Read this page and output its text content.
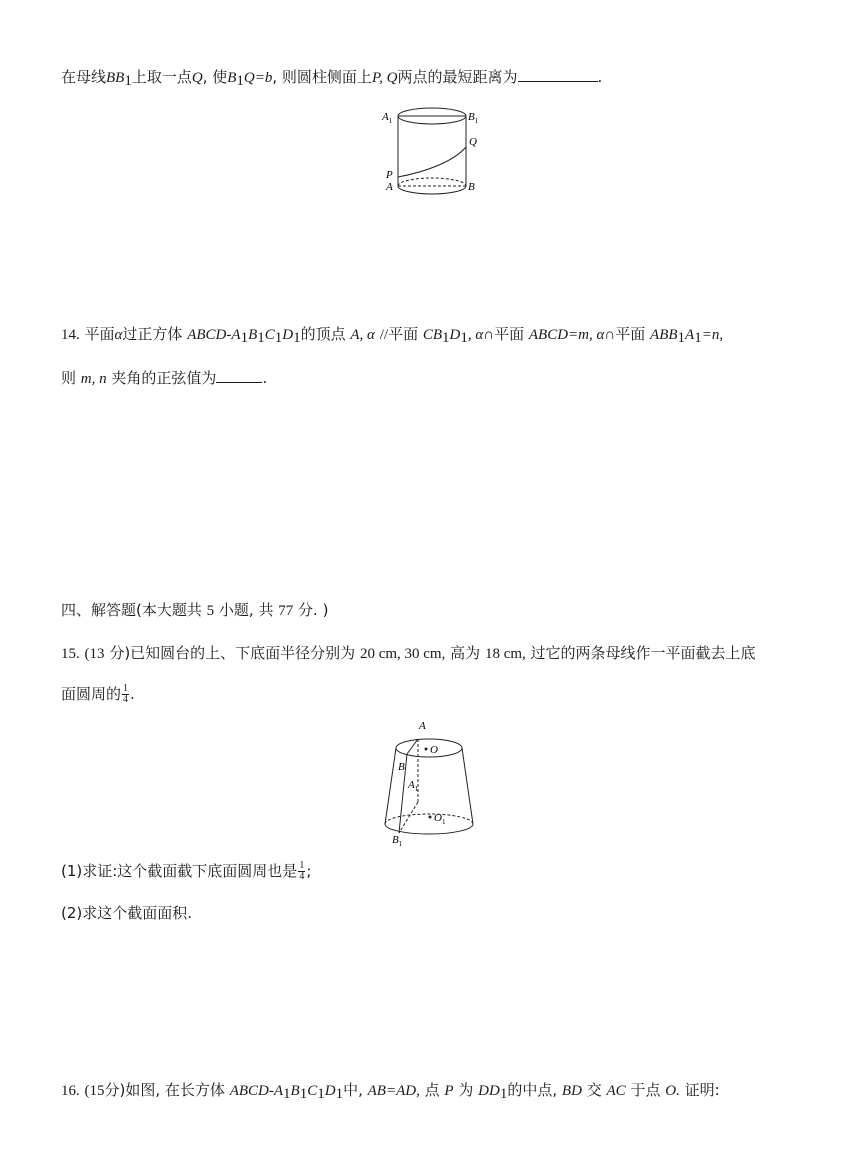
在母线$BB_1$上取一点Q, 使$B_1Q=b$, 则圆柱侧面上P, Q两点的最短距离为	.
$A_1$	$B_1$
Q
P
A	B
14. 平面α过正方体 ABCD-$A_1B_1C_1D_1$的顶点 A, α //平面 $CB_1D_1$, α∩平面 ABCD=m, α∩平面 $ABB_1A_1=n$,
则 m, n 夹角的正弦值为	.
四、解答题(本大题共 5 小题, 共 77 分. )
15. (13 分)已知圆台的上、下底面半径分别为 20 cm, 30 cm, 高为 18 cm, 过它的两条母线作一平面截去上底
面圆周的 $\frac{1}{4}$ .
A
O
B
$A_1$
$O_1$
$B_1$
(1)求证:这个截面截下底面圆周也是 $\frac{1}{4}$ ;
(2)求这个截面面积.
16. (15分)如图, 在长方体 ABCD-$A_1B_1C_1D_1$中, AB=AD, 点 P 为 $DD_1$的中点, BD 交 AC 于点 O. 证明:
